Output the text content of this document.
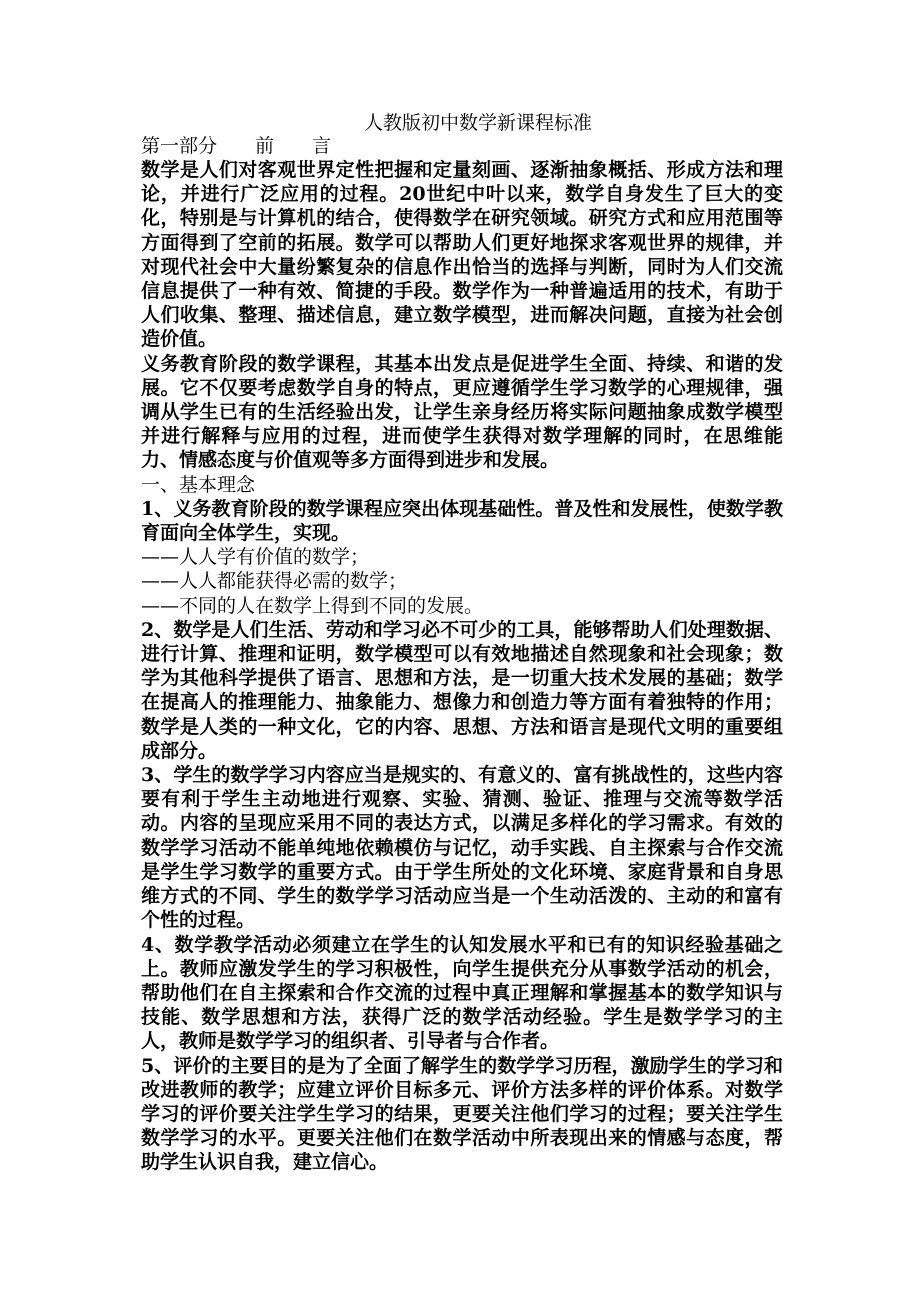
人教版初中数学新课程标准
第一部分　　前　　言

数学是人们对客观世界定性把握和定量刻画、逐渐抽象概括、形成方法和理论，并进行广泛应用的过程。20世纪中叶以来，数学自身发生了巨大的变化，特别是与计算机的结合，使得数学在研究领域。研究方式和应用范围等方面得到了空前的拓展。数学可以帮助人们更好地探求客观世界的规律，并对现代社会中大量纷繁复杂的信息作出恰当的选择与判断，同时为人们交流信息提供了一种有效、简捷的手段。数学作为一种普遍适用的技术，有助于人们收集、整理、描述信息，建立数学模型，进而解决问题，直接为社会创造价值。

义务教育阶段的数学课程，其基本出发点是促进学生全面、持续、和谐的发展。它不仅要考虑数学自身的特点，更应遵循学生学习数学的心理规律，强调从学生已有的生活经验出发，让学生亲身经历将实际问题抽象成数学模型并进行解释与应用的过程，进而使学生获得对数学理解的同时，在思维能力、情感态度与价值观等多方面得到进步和发展。

一、基本理念

1、义务教育阶段的数学课程应突出体现基础性。普及性和发展性，使数学教育面向全体学生，实现。

——人人学有价值的数学；

——人人都能获得必需的数学；

——不同的人在数学上得到不同的发展。

2、数学是人们生活、劳动和学习必不可少的工具，能够帮助人们处理数据、进行计算、推理和证明，数学模型可以有效地描述自然现象和社会现象；数学为其他科学提供了语言、思想和方法，是一切重大技术发展的基础；数学在提高人的推理能力、抽象能力、想像力和创造力等方面有着独特的作用；数学是人类的一种文化，它的内容、思想、方法和语言是现代文明的重要组成部分。

3、学生的数学学习内容应当是规实的、有意义的、富有挑战性的，这些内容要有利于学生主动地进行观察、实验、猜测、验证、推理与交流等数学活动。内容的呈现应采用不同的表达方式，以满足多样化的学习需求。有效的数学学习活动不能单纯地依赖模仿与记忆，动手实践、自主探索与合作交流是学生学习数学的重要方式。由于学生所处的文化环境、家庭背景和自身思维方式的不同、学生的数学学习活动应当是一个生动活泼的、主动的和富有个性的过程。

4、数学教学活动必须建立在学生的认知发展水平和已有的知识经验基础之上。教师应激发学生的学习积极性，向学生提供充分从事数学活动的机会，帮助他们在自主探索和合作交流的过程中真正理解和掌握基本的数学知识与技能、数学思想和方法，获得广泛的数学活动经验。学生是数学学习的主人，教师是数学学习的组织者、引导者与合作者。

5、评价的主要目的是为了全面了解学生的数学学习历程，激励学生的学习和改进教师的教学；应建立评价目标多元、评价方法多样的评价体系。对数学学习的评价要关注学生学习的结果，更要关注他们学习的过程；要关注学生数学学习的水平。更要关注他们在数学活动中所表现出来的情感与态度，帮助学生认识自我，建立信心。
